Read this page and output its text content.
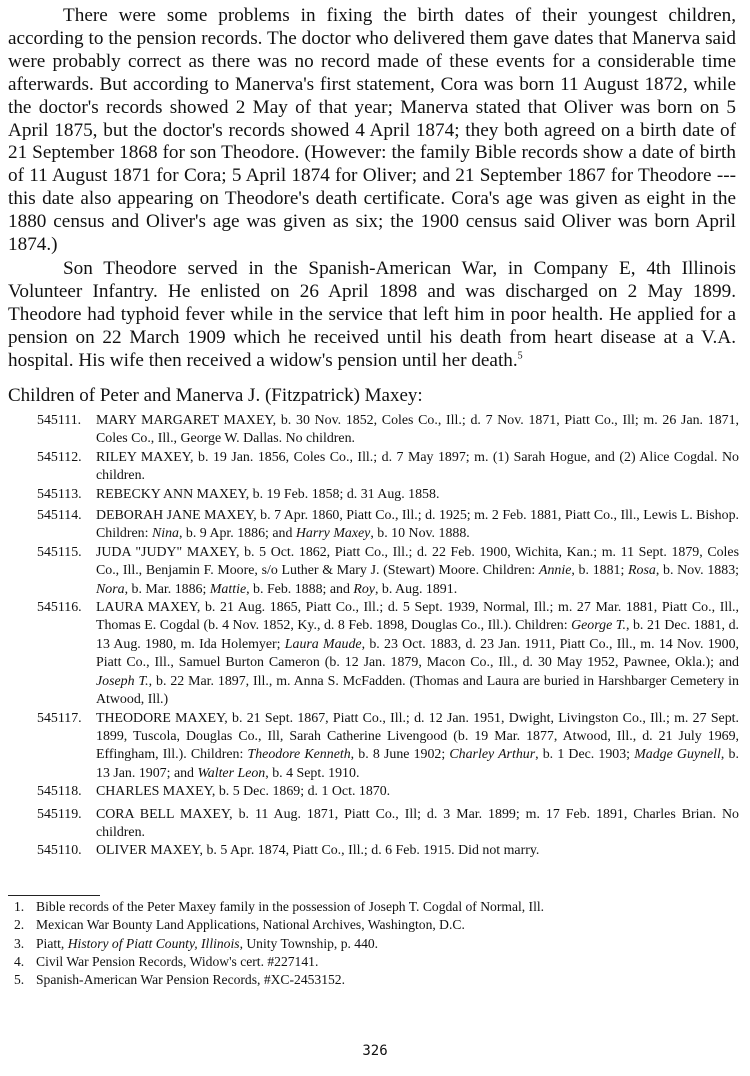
There were some problems in fixing the birth dates of their youngest children, according to the pension records. The doctor who delivered them gave dates that Manerva said were probably correct as there was no record made of these events for a considerable time afterwards. But according to Manerva's first statement, Cora was born 11 August 1872, while the doctor's records showed 2 May of that year; Manerva stated that Oliver was born on 5 April 1875, but the doctor's records showed 4 April 1874; they both agreed on a birth date of 21 September 1868 for son Theodore. (However: the family Bible records show a date of birth of 11 August 1871 for Cora; 5 April 1874 for Oliver; and 21 September 1867 for Theodore --- this date also appearing on Theodore's death certificate. Cora's age was given as eight in the 1880 census and Oliver's age was given as six; the 1900 census said Oliver was born April 1874.)

Son Theodore served in the Spanish-American War, in Company E, 4th Illinois Volunteer Infantry. He enlisted on 26 April 1898 and was discharged on 2 May 1899. Theodore had typhoid fever while in the service that left him in poor health. He applied for a pension on 22 March 1909 which he received until his death from heart disease at a V.A. hospital. His wife then received a widow's pension until her death.$^5$

Children of Peter and Manerva J. (Fitzpatrick) Maxey:

545111.	MARY MARGARET MAXEY, b. 30 Nov. 1852, Coles Co., Ill.; d. 7 Nov. 1871, Piatt Co., Ill; m. 26 Jan. 1871, Coles Co., Ill., George W. Dallas. No children.
545112.	RILEY MAXEY, b. 19 Jan. 1856, Coles Co., Ill.; d. 7 May 1897; m. (1) Sarah Hogue, and (2) Alice Cogdal. No children.
545113.	REBECKY ANN MAXEY, b. 19 Feb. 1858; d. 31 Aug. 1858.
545114.	DEBORAH JANE MAXEY, b. 7 Apr. 1860, Piatt Co., Ill.; d. 1925; m. 2 Feb. 1881, Piatt Co., Ill., Lewis L. Bishop. Children: Nina, b. 9 Apr. 1886; and Harry Maxey, b. 10 Nov. 1888.
545115.	JUDA "JUDY" MAXEY, b. 5 Oct. 1862, Piatt Co., Ill.; d. 22 Feb. 1900, Wichita, Kan.; m. 11 Sept. 1879, Coles Co., Ill., Benjamin F. Moore, s/o Luther & Mary J. (Stewart) Moore. Children: Annie, b. 1881; Rosa, b. Nov. 1883; Nora, b. Mar. 1886; Mattie, b. Feb. 1888; and Roy, b. Aug. 1891.
545116.	LAURA MAXEY, b. 21 Aug. 1865, Piatt Co., Ill.; d. 5 Sept. 1939, Normal, Ill.; m. 27 Mar. 1881, Piatt Co., Ill., Thomas E. Cogdal (b. 4 Nov. 1852, Ky., d. 8 Feb. 1898, Douglas Co., Ill.). Children: George T., b. 21 Dec. 1881, d. 13 Aug. 1980, m. Ida Holemyer; Laura Maude, b. 23 Oct. 1883, d. 23 Jan. 1911, Piatt Co., Ill., m. 14 Nov. 1900, Piatt Co., Ill., Samuel Burton Cameron (b. 12 Jan. 1879, Macon Co., Ill., d. 30 May 1952, Pawnee, Okla.); and Joseph T., b. 22 Mar. 1897, Ill., m. Anna S. McFadden. (Thomas and Laura are buried in Harshbarger Cemetery in Atwood, Ill.)
545117.	THEODORE MAXEY, b. 21 Sept. 1867, Piatt Co., Ill.; d. 12 Jan. 1951, Dwight, Livingston Co., Ill.; m. 27 Sept. 1899, Tuscola, Douglas Co., Ill, Sarah Catherine Livengood (b. 19 Mar. 1877, Atwood, Ill., d. 21 July 1969, Effingham, Ill.). Children: Theodore Kenneth, b. 8 June 1902; Charley Arthur, b. 1 Dec. 1903; Madge Guynell, b. 13 Jan. 1907; and Walter Leon, b. 4 Sept. 1910.
545118.	CHARLES MAXEY, b. 5 Dec. 1869; d. 1 Oct. 1870.
545119.	CORA BELL MAXEY, b. 11 Aug. 1871, Piatt Co., Ill; d. 3 Mar. 1899; m. 17 Feb. 1891, Charles Brian. No children.
545110.	OLIVER MAXEY, b. 5 Apr. 1874, Piatt Co., Ill.; d. 6 Feb. 1915. Did not marry.
1. Bible records of the Peter Maxey family in the possession of Joseph T. Cogdal of Normal, Ill.
2. Mexican War Bounty Land Applications, National Archives, Washington, D.C.
3. Piatt, History of Piatt County, Illinois, Unity Township, p. 440.
4. Civil War Pension Records, Widow's cert. #227141.
5. Spanish-American War Pension Records, #XC-2453152.
326
